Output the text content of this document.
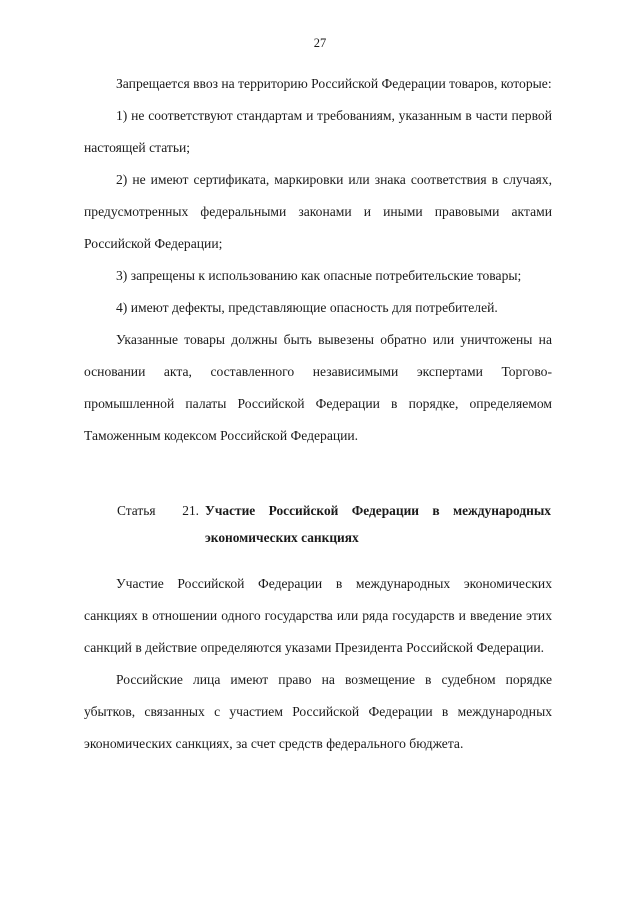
27

Запрещается ввоз на территорию Российской Федерации товаров, которые:

1) не соответствуют стандартам и требованиям, указанным в части первой настоящей статьи;

2) не имеют сертификата, маркировки или знака соответствия в случаях, предусмотренных федеральными законами и иными правовыми актами Российской Федерации;

3) запрещены к использованию как опасные потребительские товары;

4) имеют дефекты, представляющие опасность для потребителей.

Указанные товары должны быть вывезены обратно или уничтожены на основании акта, составленного независимыми экспертами Торгово-промышленной палаты Российской Федерации в порядке, определяемом Таможенным кодексом Российской Федерации.

Статья 21. Участие Российской Федерации в международных
экономических санкциях

Участие Российской Федерации в международных экономических санкциях в отношении одного государства или ряда государств и введение этих санкций в действие определяются указами Президента Российской Федерации.

Российские лица имеют право на возмещение в судебном порядке убытков, связанных с участием Российской Федерации в международных экономических санкциях, за счет средств федерального бюджета.
